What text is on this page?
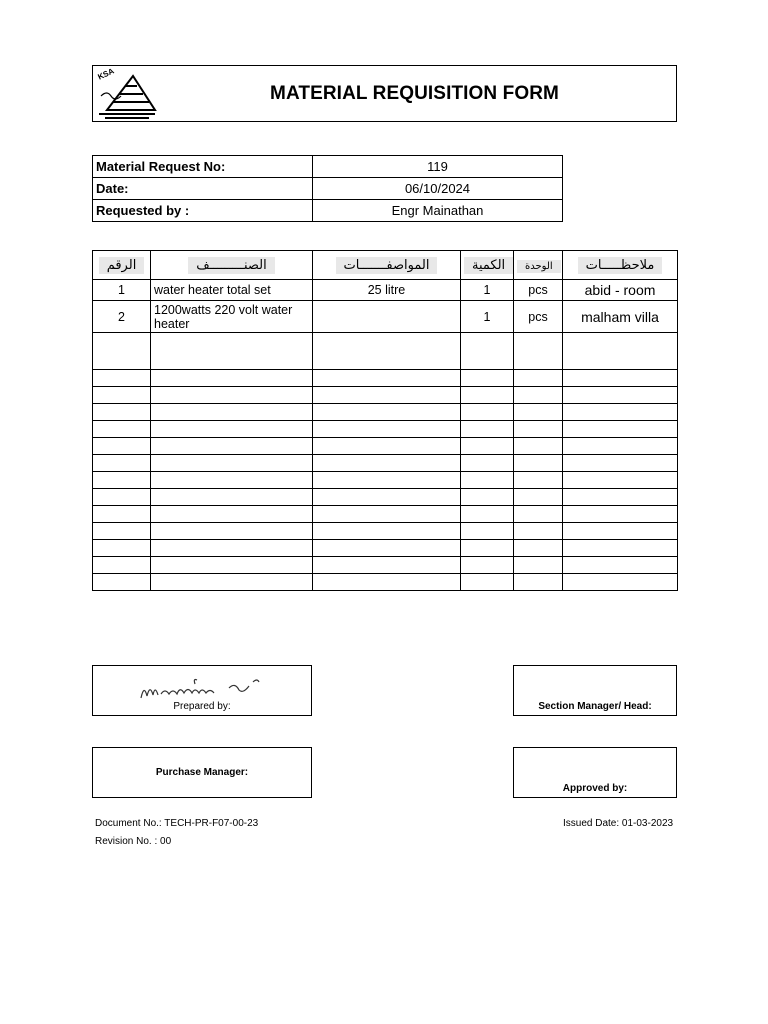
KSA
MATERIAL REQUISITION FORM
Material Request No:	119
Date:	06/10/2024
Requested by :	Engr Mainathan
الرقم	الصنـــــــــف	المواصفـــــــات	الكمية	الوحدة	ملاحظـــــات
1	water heater total set	25 litre	1	pcs	abid - room
2	1200watts 220 volt water heater		1	pcs	malham villa

Prepared by:	Section Manager/ Head:
Purchase Manager:
Approved by:
Document No.: TECH-PR-F07-00-23
Revision No. : 00
Issued Date: 01-03-2023
